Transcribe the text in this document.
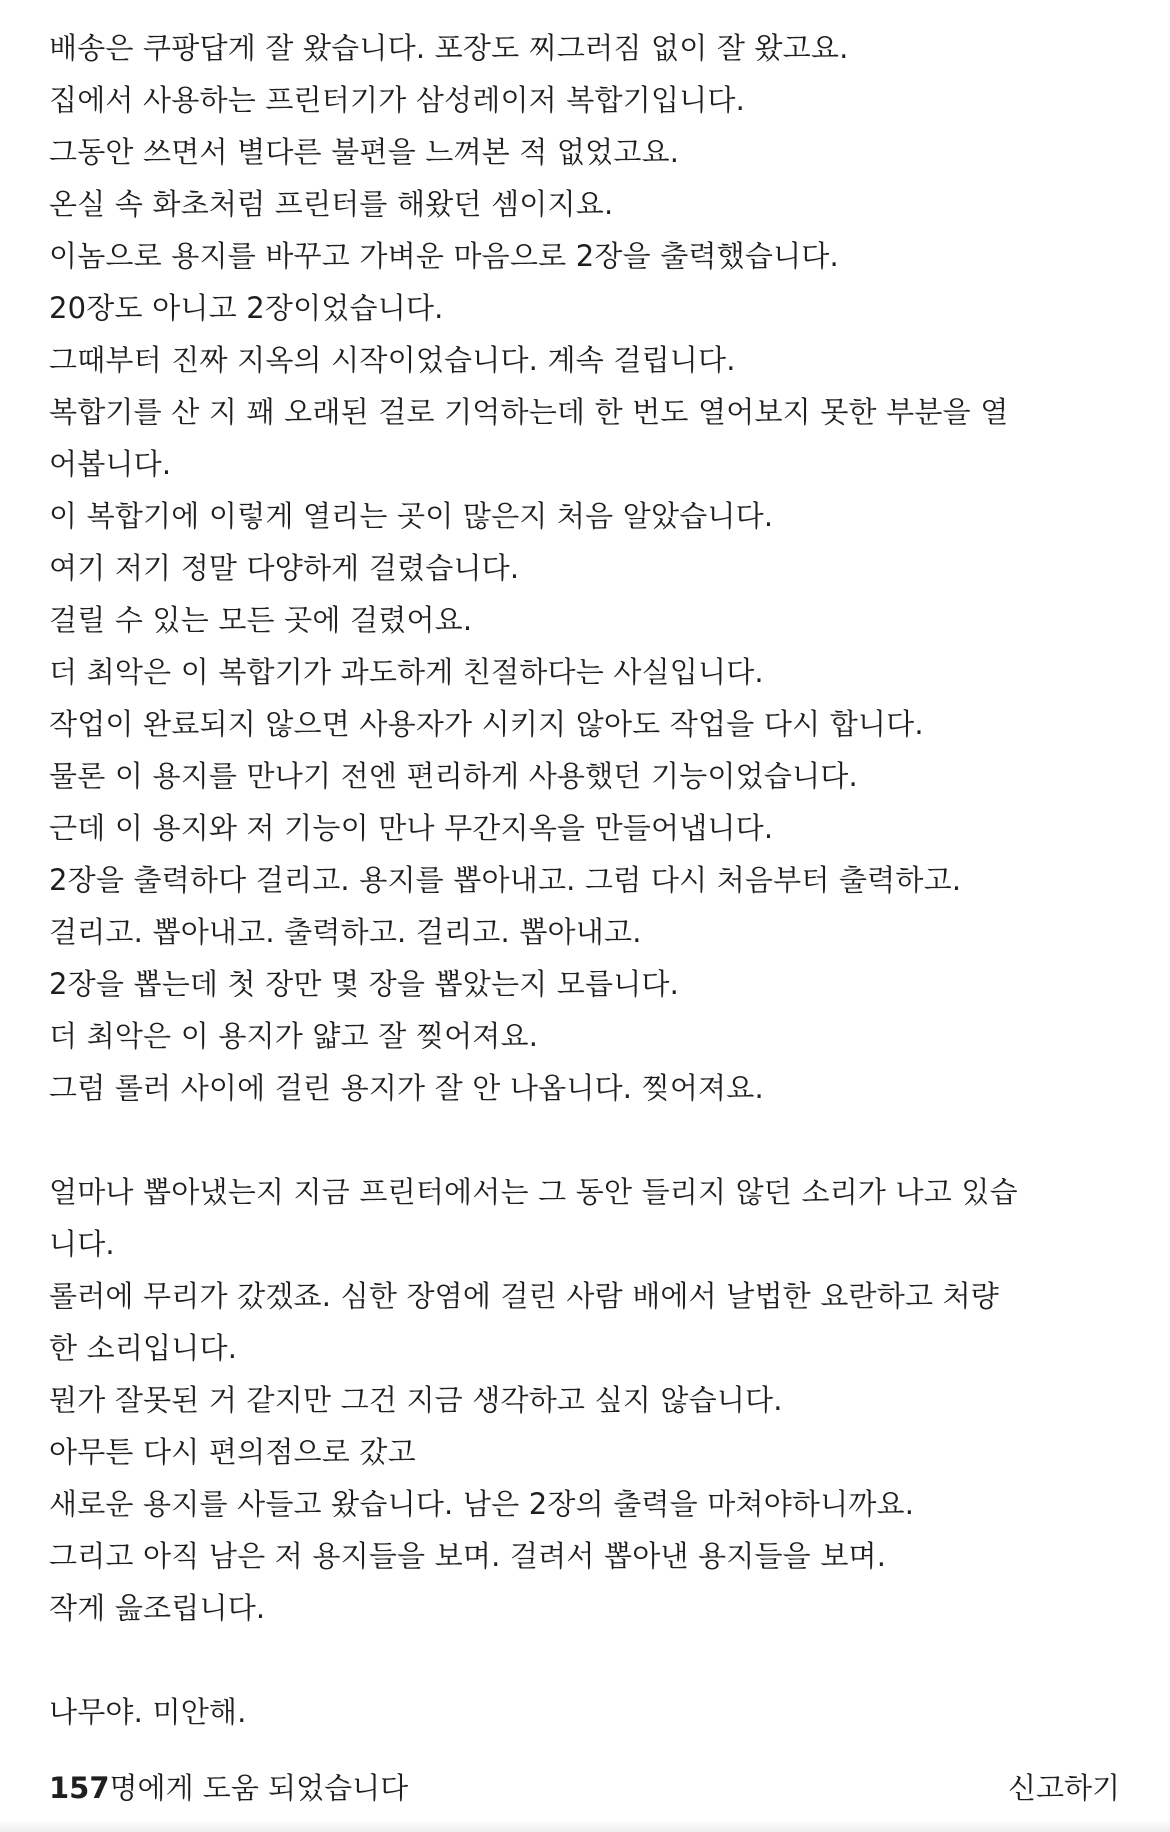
배송은 쿠팡답게 잘 왔습니다. 포장도 찌그러짐 없이 잘 왔고요.
집에서 사용하는 프린터기가 삼성레이저 복합기입니다.
그동안 쓰면서 별다른 불편을 느껴본 적 없었고요.
온실 속 화초처럼 프린터를 해왔던 셈이지요.
이놈으로 용지를 바꾸고 가벼운 마음으로 2장을 출력했습니다.
20장도 아니고 2장이었습니다.
그때부터 진짜 지옥의 시작이었습니다. 계속 걸립니다.
복합기를 산 지 꽤 오래된 걸로 기억하는데 한 번도 열어보지 못한 부분을 열
어봅니다.
이 복합기에 이렇게 열리는 곳이 많은지 처음 알았습니다.
여기 저기 정말 다양하게 걸렸습니다.
걸릴 수 있는 모든 곳에 걸렸어요.
더 최악은 이 복합기가 과도하게 친절하다는 사실입니다.
작업이 완료되지 않으면 사용자가 시키지 않아도 작업을 다시 합니다.
물론 이 용지를 만나기 전엔 편리하게 사용했던 기능이었습니다.
근데 이 용지와 저 기능이 만나 무간지옥을 만들어냅니다.
2장을 출력하다 걸리고. 용지를 뽑아내고. 그럼 다시 처음부터 출력하고.
걸리고. 뽑아내고. 출력하고. 걸리고. 뽑아내고.
2장을 뽑는데 첫 장만 몇 장을 뽑았는지 모릅니다.
더 최악은 이 용지가 얇고 잘 찢어져요.
그럼 롤러 사이에 걸린 용지가 잘 안 나옵니다. 찢어져요.
얼마나 뽑아냈는지 지금 프린터에서는 그 동안 들리지 않던 소리가 나고 있습
니다.
롤러에 무리가 갔겠죠. 심한 장염에 걸린 사람 배에서 날법한 요란하고 처량
한 소리입니다.
뭔가 잘못된 거 같지만 그건 지금 생각하고 싶지 않습니다.
아무튼 다시 편의점으로 갔고
새로운 용지를 사들고 왔습니다. 남은 2장의 출력을 마쳐야하니까요.
그리고 아직 남은 저 용지들을 보며. 걸려서 뽑아낸 용지들을 보며.
작게 읊조립니다.
나무야. 미안해.
157 명에게 도움 되었습니다	신고하기
